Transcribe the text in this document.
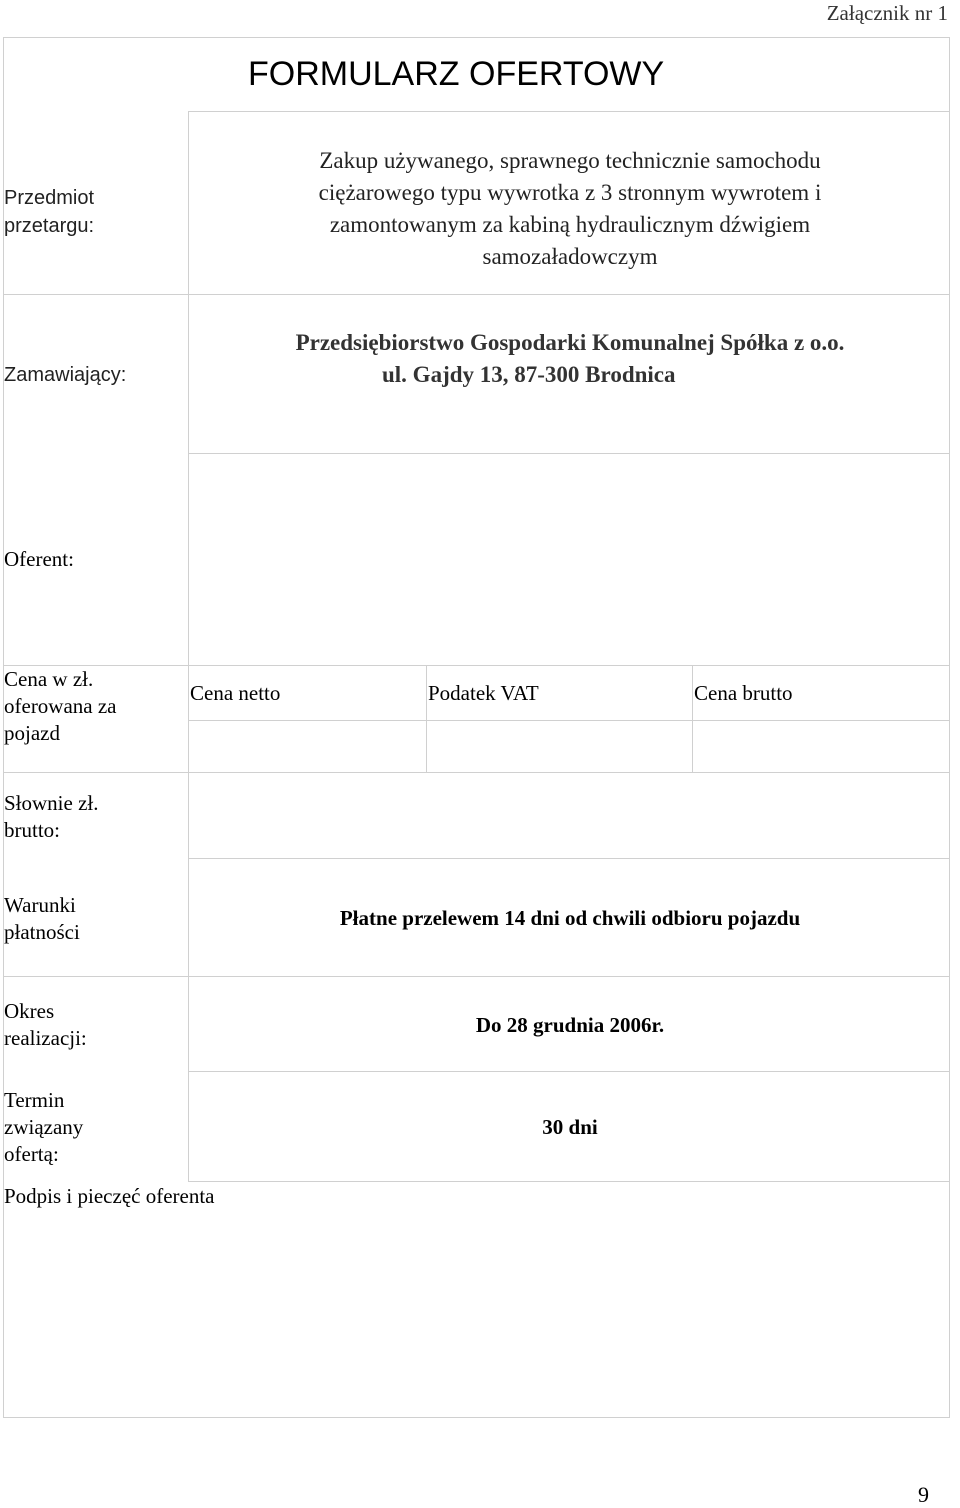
Załącznik nr 1
FORMULARZ OFERTOWY
Przedmiot
przetargu:
Zakup używanego, sprawnego technicznie samochodu
ciężarowego typu wywrotka z 3 stronnym wywrotem i
zamontowanym za kabiną hydraulicznym dźwigiem
samozaładowczym
Zamawiający:
Przedsiębiorstwo Gospodarki Komunalnej Spółka z o.o.
ul. Gajdy 13, 87-300 Brodnica
Oferent:
Cena w zł.
oferowana za
pojazd
Cena netto	Podatek VAT	Cena brutto
Słownie zł.
brutto:
Warunki
płatności
Płatne przelewem 14 dni od chwili odbioru pojazdu
Okres
realizacji:
Do 28 grudnia 2006r.
Termin
związany
ofertą:
30 dni
Podpis i pieczęć oferenta
9
